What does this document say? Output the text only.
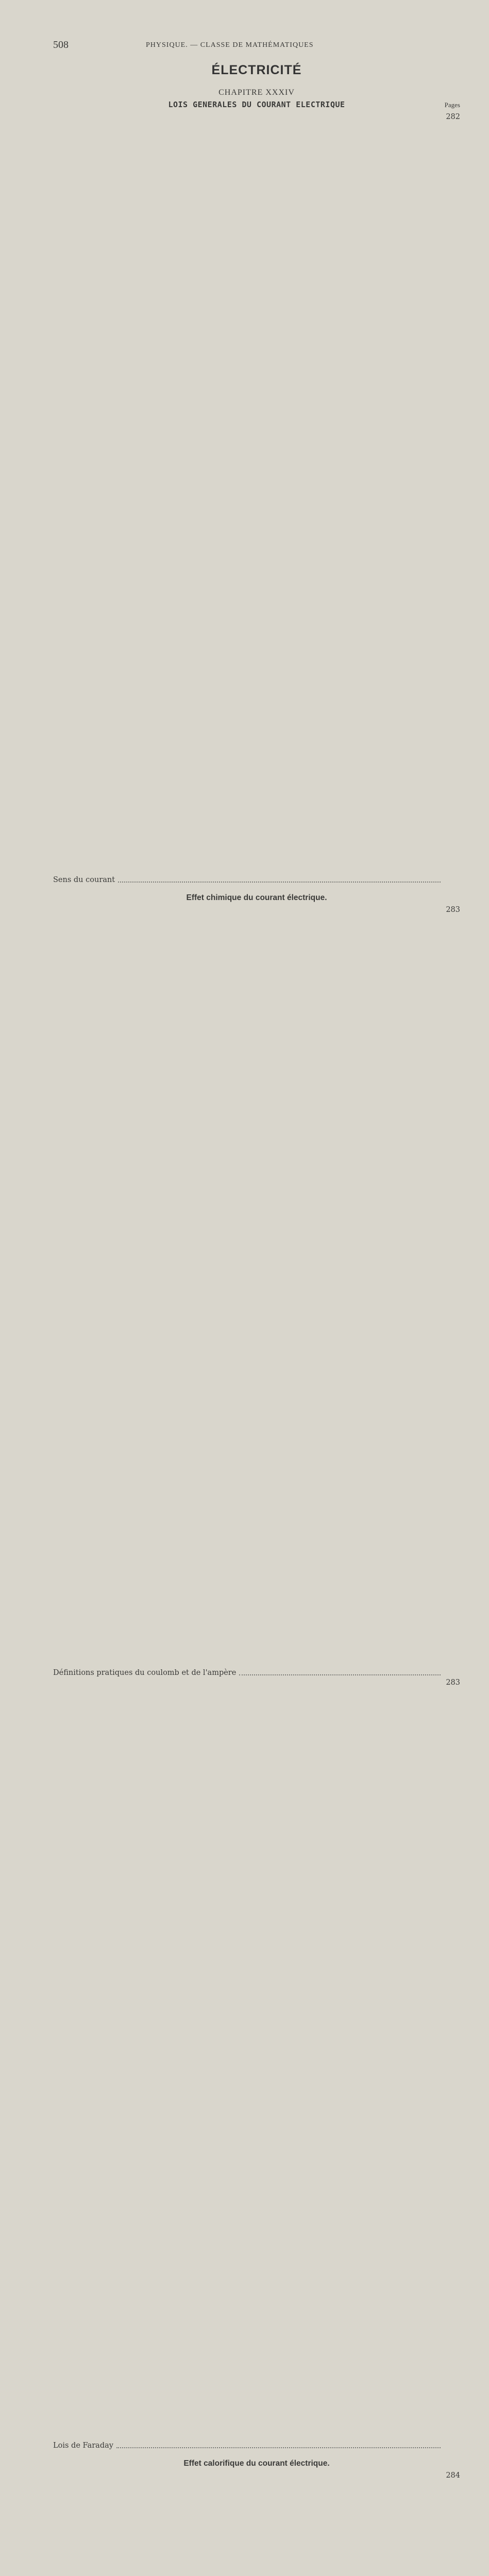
508	PHYSIQUE. — CLASSE DE MATHÉMATIQUES
ÉLECTRICITÉ
CHAPITRE XXXIV
LOIS GENERALES DU COURANT ELECTRIQUE	Pages
Sens du courant
282
Effet chimique du courant électrique.
Définitions pratiques du coulomb et de l'ampère
283
Lois de Faraday
283
Effet calorifique du courant électrique.
284
